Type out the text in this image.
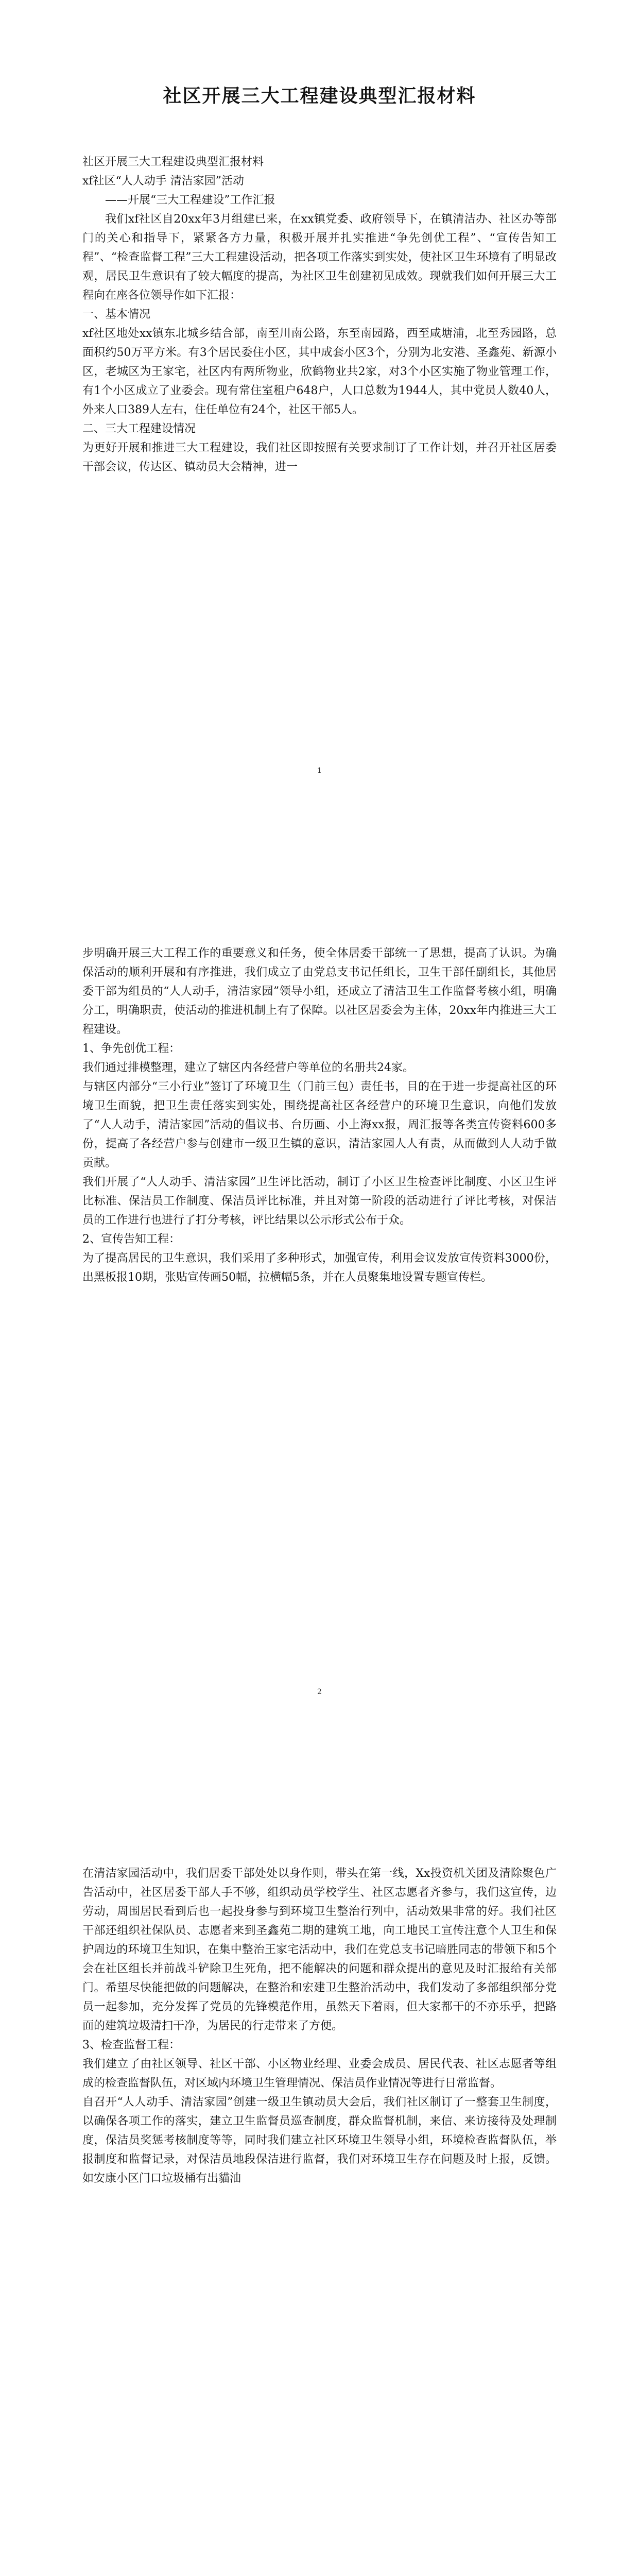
社区开展三大工程建设典型汇报材料

社区开展三大工程建设典型汇报材料

xf社区“人人动手 清洁家园”活动

——开展“三大工程建设”工作汇报

我们xf社区自20xx年3月组建已来，在xx镇党委、政府领导下，在镇清洁办、社区办等部门的关心和指导下，紧紧各方力量，积极开展并扎实推进“争先创优工程”、“宣传告知工程”、“检查监督工程”三大工程建设活动，把各项工作落实到实处，使社区卫生环境有了明显改观，居民卫生意识有了较大幅度的提高，为社区卫生创建初见成效。现就我们如何开展三大工程向在座各位领导作如下汇报：

一、基本情况

xf社区地处xx镇东北城乡结合部，南至川南公路，东至南园路，西至咸塘浦，北至秀园路，总面积约50万平方米。有3个居民委住小区，其中成套小区3个，分别为北安港、圣鑫苑、新源小区，老城区为王家宅，社区内有两所物业，欣鹤物业共2家，对3个小区实施了物业管理工作，有1个小区成立了业委会。现有常住室租户648户，人口总数为1944人，其中党员人数40人，外来人口389人左右，住任单位有24个，社区干部5人。

二、三大工程建设情况

为更好开展和推进三大工程建设，我们社区即按照有关要求制订了工作计划，并召开社区居委干部会议，传达区、镇动员大会精神，进一

1

步明确开展三大工程工作的重要意义和任务，使全体居委干部统一了思想，提高了认识。为确保活动的顺利开展和有序推进，我们成立了由党总支书记任组长，卫生干部任副组长，其他居委干部为组员的“人人动手，清洁家园”领导小组，还成立了清洁卫生工作监督考核小组，明确分工，明确职责，使活动的推进机制上有了保障。以社区居委会为主体，20xx年内推进三大工程建设。

1、争先创优工程：

我们通过排模整理，建立了辖区内各经营户等单位的名册共24家。

与辖区内部分“三小行业”签订了环境卫生（门前三包）责任书，目的在于进一步提高社区的环境卫生面貌，把卫生责任落实到实处，围绕提高社区各经营户的环境卫生意识，向他们发放了“人人动手，清洁家园”活动的倡议书、台历画、小上海xx报，周汇报等各类宣传资料600多份，提高了各经营户参与创建市一级卫生镇的意识，清洁家园人人有责，从而做到人人动手做贡献。

我们开展了“人人动手、清洁家园”卫生评比活动，制订了小区卫生检查评比制度、小区卫生评比标准、保洁员工作制度、保洁员评比标准，并且对第一阶段的活动进行了评比考核，对保洁员的工作进行也进行了打分考核，评比结果以公示形式公布于众。

2、宣传告知工程：

为了提高居民的卫生意识，我们采用了多种形式，加强宣传，利用会议发放宣传资料3000份，出黑板报10期，张贴宣传画50幅，拉横幅5条，并在人员聚集地设置专题宣传栏。

2

在清洁家园活动中，我们居委干部处处以身作则，带头在第一线，Xx投资机关团及清除聚色广告活动中，社区居委干部人手不够，组织动员学校学生、社区志愿者齐参与，我们这宣传，边劳动，周围居民看到后也一起投身参与到环境卫生整治行列中，活动效果非常的好。我们社区干部还组织社保队员、志愿者来到圣鑫苑二期的建筑工地，向工地民工宣传注意个人卫生和保护周边的环境卫生知识，在集中整治王家宅活动中，我们在党总支书记暗胜同志的带领下和5个会在社区组长并前战斗铲除卫生死角，把不能解决的问题和群众提出的意见及时汇报给有关部门。希望尽快能把做的问题解决，在整治和宏建卫生整治活动中，我们发动了多部组织部分党员一起参加，充分发挥了党员的先锋模范作用，虽然天下着雨，但大家都干的不亦乐乎，把路面的建筑垃圾清扫干净，为居民的行走带来了方便。

3、检查监督工程：

我们建立了由社区领导、社区干部、小区物业经理、业委会成员、居民代表、社区志愿者等组成的检查监督队伍，对区域内环境卫生管理情况、保洁员作业情况等进行日常监督。

自召开“人人动手、清洁家园”创建一级卫生镇动员大会后，我们社区制订了一整套卫生制度，以确保各项工作的落实，建立卫生监督员巡查制度，群众监督机制，来信、来访接待及处理制度，保洁员奖惩考核制度等等，同时我们建立社区环境卫生领导小组，环境检查监督队伍，举报制度和监督记录，对保洁员地段保洁进行监督，我们对环境卫生存在问题及时上报，反馈。如安康小区门口垃圾桶有出貓油
